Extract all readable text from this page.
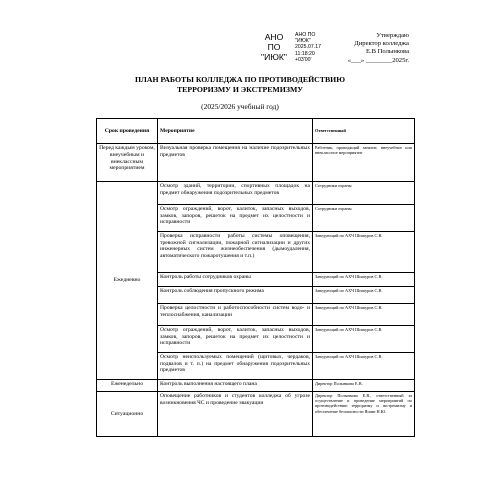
АНО
ПО
"ИЮК"
АНО ПО
"ИЮК"
2025.07.17
11:18:20
+03'00'
Утверждаю
Директор колледжа
Е.В Полынкова
«___» ________2025г.
ПЛАН РАБОТЫ КОЛЛЕДЖА ПО ПРОТИВОДЕЙСТВИЮ
ТЕРРОРИЗМУ И ЭКСТРЕМИЗМУ
(2025/2026 учебный год)
Срок проведения	Мероприятие	Ответственный
Перед каждым уроком, внеучебным и внеклассным мероприятием	Визуальная проверка помещения на наличие подозрительных предметов	Работник, проводящий занятие, внеучебное или внеклассное мероприятие
Ежедневно	Осмотр зданий, территории, спортивных площадок на предмет обнаружения подозрительных предметов	Сотрудники охраны
	Осмотр ограждений, ворот, калиток, запасных выходов, замков, запоров, решеток на предмет их целостности и исправности	Сотрудники охраны
	Проверка исправности работы системы оповещения, тревожной сигнализации, пожарной сигнализации и других инженерных систем жизнеобеспечения (дымоудаления, автоматического пожаротушения и т.п.)	Заведующий по АХЧ Шишуров С.В.
	Контроль работы сотрудников охраны	Заведующий по АХЧ Шишуров С.В.
	Контроль соблюдения пропускного режима	Заведующий по АХЧ Шишуров С.В.
	Проверка целостности и работоспособности систем водо- и теплоснабжения, канализации	Заведующий по АХЧ Шишуров С.В.
	Осмотр ограждений, ворот, калиток, запасных выходов, замков, запоров, решеток на предмет их целостности и исправности	Заведующий по АХЧ Шишуров С.В.
	Осмотр неиспользуемых помещений (щитовых, чердаков, подвалов и т. п.) на предмет обнаружения подозрительных предметов	Заведующий по АХЧ Шишуров С.В.
Еженедельно	Контроль выполнения настоящего плана	Директор Полынкова Е.В.
Ситуационно	Оповещение работников и студентов колледжа об угрозе возникновения ЧС и проведение эвакуации	Директор Полынкова Е.В., ответственный за осуществление и проведение мероприятий по противодействию терроризму и экстремизму и обеспечение безопасности Яшин Н.Ю.
